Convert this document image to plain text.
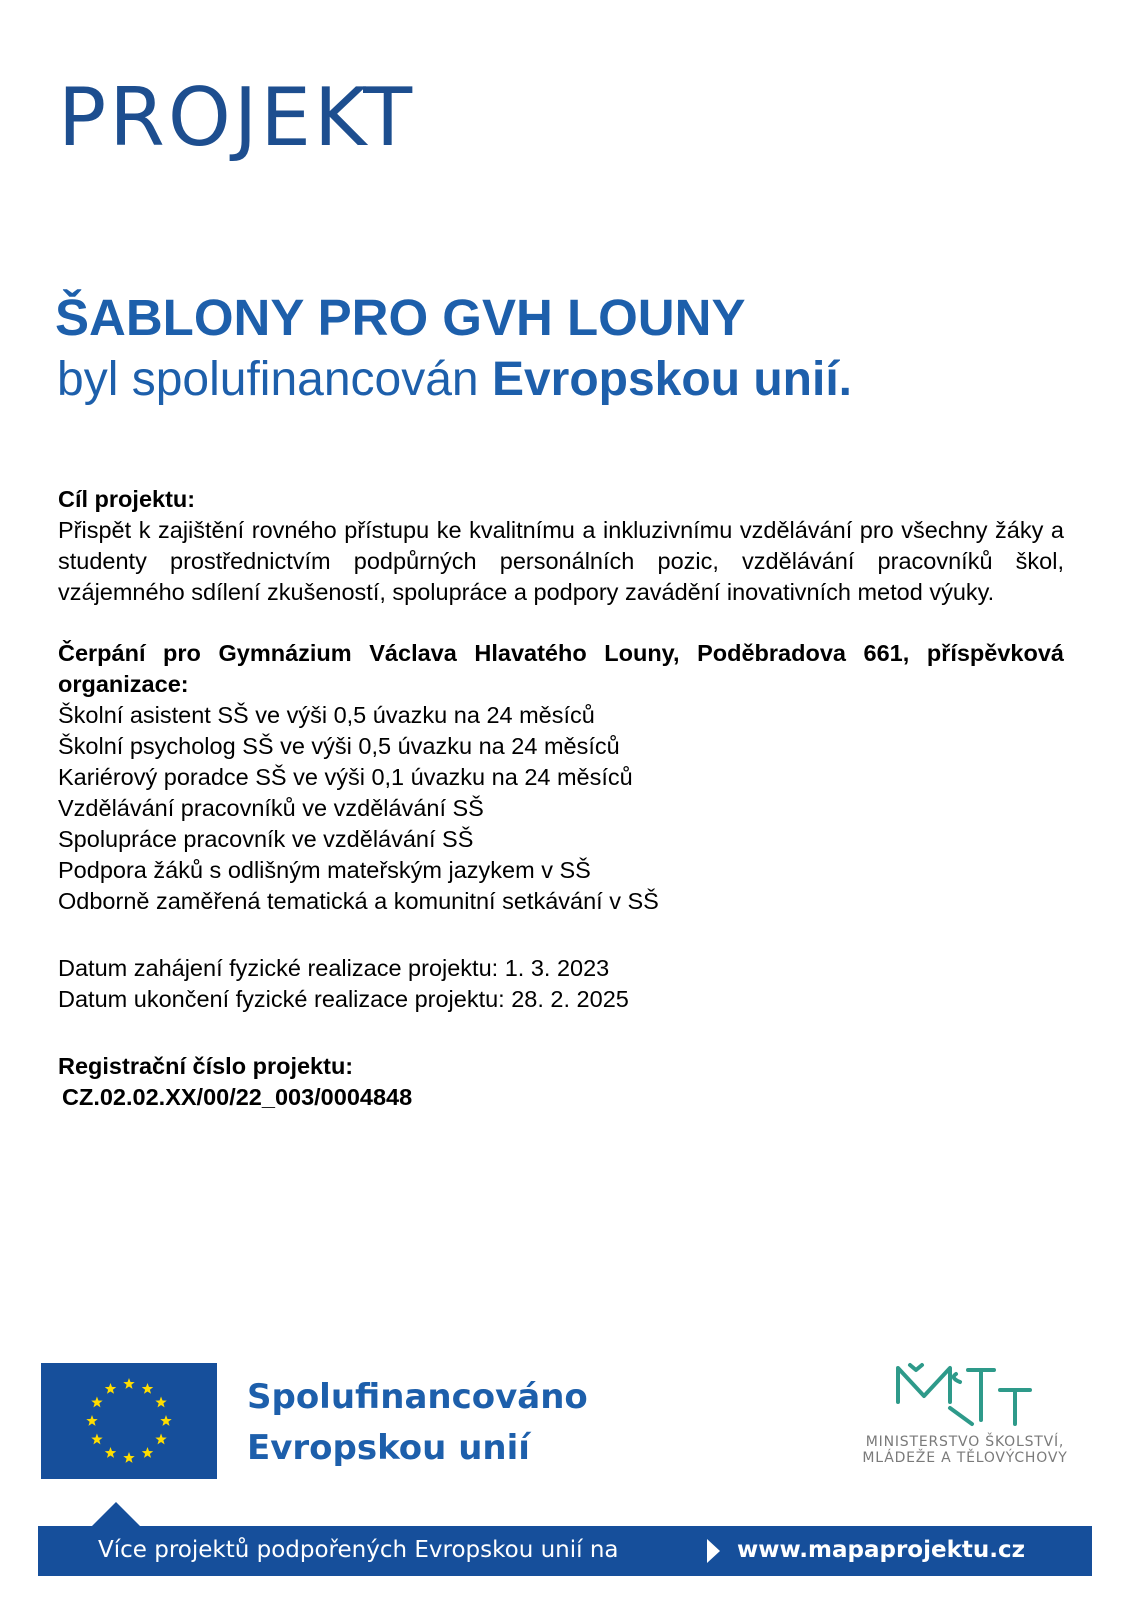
PROJEKT
ŠABLONY PRO GVH LOUNY

byl spolufinancován Evropskou unií.

Cíl projektu:

Přispět k zajištění rovného přístupu ke kvalitnímu a inkluzivnímu vzdělávání pro všechny žáky a studenty prostřednictvím podpůrných personálních pozic, vzdělávání pracovníků škol, vzájemného sdílení zkušeností, spolupráce a podpory zavádění inovativních metod výuky.

Čerpání pro Gymnázium Václava Hlavatého Louny, Poděbradova 661, příspěvková organizace:

Školní asistent SŠ ve výši 0,5 úvazku na 24 měsíců

Školní psycholog SŠ ve výši 0,5 úvazku na 24 měsíců

Kariérový poradce SŠ ve výši 0,1 úvazku na 24 měsíců

Vzdělávání pracovníků ve vzdělávání SŠ

Spolupráce pracovník ve vzdělávání SŠ

Podpora žáků s odlišným mateřským jazykem v SŠ

Odborně zaměřená tematická a komunitní setkávání v SŠ

Datum zahájení fyzické realizace projektu: 1. 3. 2023

Datum ukončení fyzické realizace projektu: 28. 2. 2025

Registrační číslo projektu:

CZ.02.02.XX/00/22_003/0004848

Spolufinancováno
Evropskou unií	MINISTERSTVO ŠKOLSTVÍ,
MLÁDEŽE A TĚLOVÝCHOVY
Více projektů podpořených Evropskou unií na	www.mapaprojektu.cz
